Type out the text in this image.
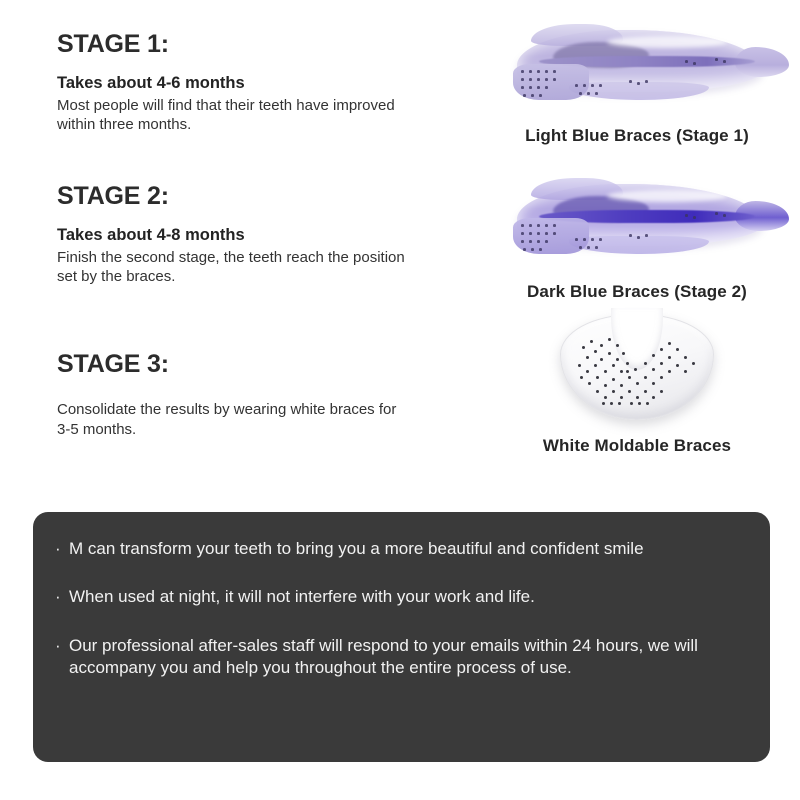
STAGE 1:
Takes about 4-6 months
Most people will find that their teeth have improved within three months.
STAGE 2:
Takes about 4-8 months
Finish the second stage, the teeth reach the position set by the braces.
STAGE 3:
Consolidate the results by wearing white braces for 3-5 months.
Light Blue Braces (Stage 1)
Dark Blue Braces (Stage 2)
White Moldable Braces
· M can transform your teeth to bring you a more beautiful and confident smile
· When used at night, it will not interfere with your work and life.
· Our professional after-sales staff will respond to your emails within 24 hours, we will accompany you and help you throughout the entire process of use.
